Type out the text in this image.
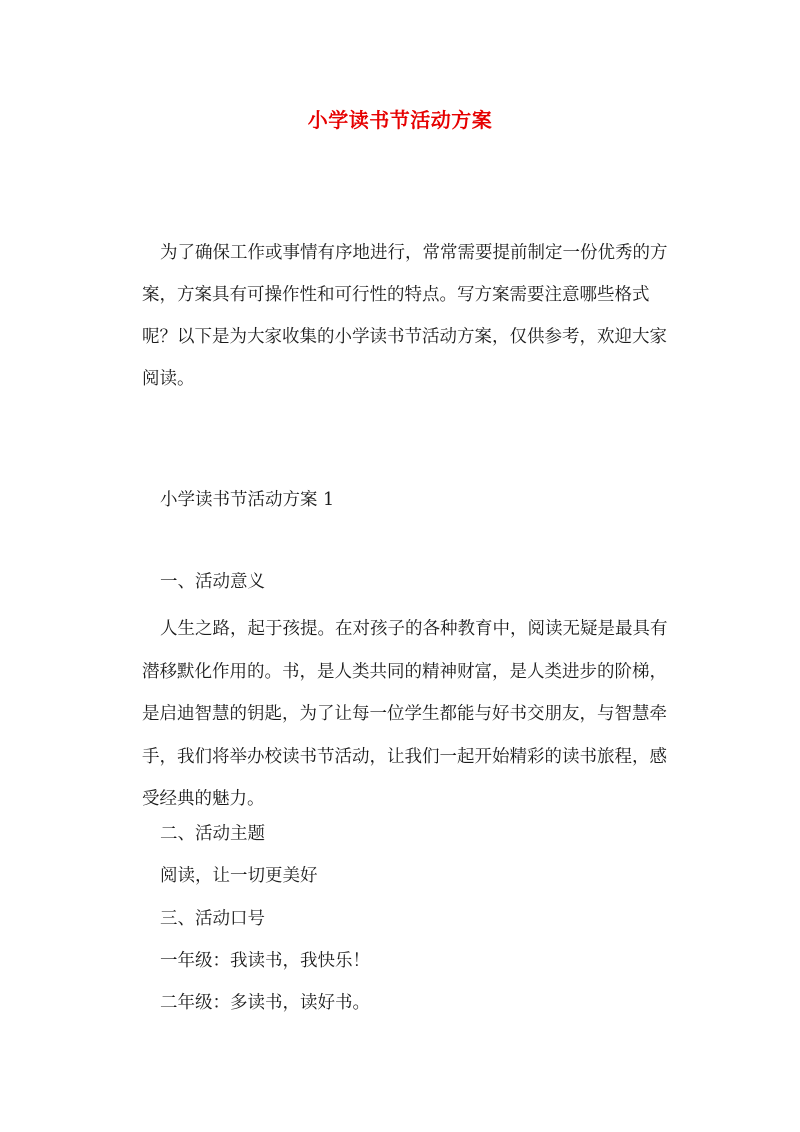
小学读书节活动方案

为了确保工作或事情有序地进行，常常需要提前制定一份优秀的方案，方案具有可操作性和可行性的特点。写方案需要注意哪些格式呢？以下是为大家收集的小学读书节活动方案，仅供参考，欢迎大家阅读。

小学读书节活动方案 1
一、活动意义

人生之路，起于孩提。在对孩子的各种教育中，阅读无疑是最具有潜移默化作用的。书，是人类共同的精神财富，是人类进步的阶梯，是启迪智慧的钥匙，为了让每一位学生都能与好书交朋友，与智慧牵手，我们将举办校读书节活动，让我们一起开始精彩的读书旅程，感受经典的魅力。

二、活动主题
阅读，让一切更美好
三、活动口号
一年级：我读书，我快乐！
二年级：多读书，读好书。
